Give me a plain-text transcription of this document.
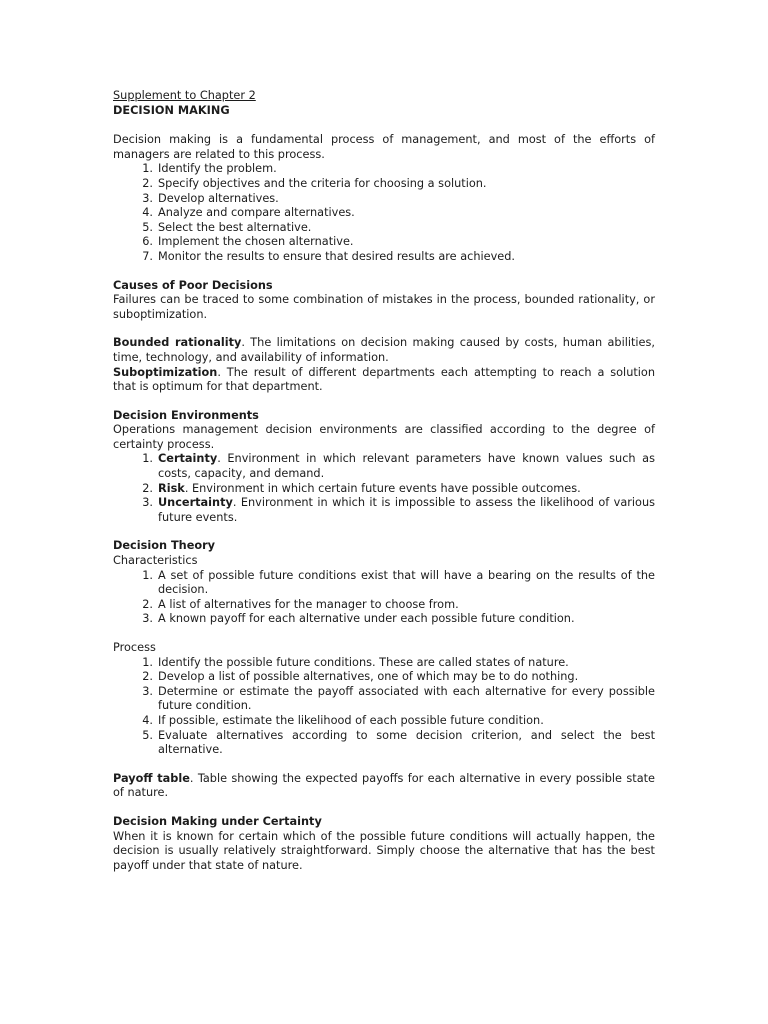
Supplement to Chapter 2
DECISION MAKING

Decision making is a fundamental process of management, and most of the efforts of managers are related to this process.

1. Identify the problem.
2. Specify objectives and the criteria for choosing a solution.
3. Develop alternatives.
4. Analyze and compare alternatives.
5. Select the best alternative.
6. Implement the chosen alternative.
7. Monitor the results to ensure that desired results are achieved.
Causes of Poor Decisions

Failures can be traced to some combination of mistakes in the process, bounded rationality, or suboptimization.

Bounded rationality. The limitations on decision making caused by costs, human abilities, time, technology, and availability of information.

Suboptimization. The result of different departments each attempting to reach a solution that is optimum for that department.

Decision Environments

Operations management decision environments are classified according to the degree of certainty process.

1. Certainty. Environment in which relevant parameters have known values such as costs, capacity, and demand.
2. Risk. Environment in which certain future events have possible outcomes.
3. Uncertainty. Environment in which it is impossible to assess the likelihood of various future events.
Decision Theory
Characteristics
1. A set of possible future conditions exist that will have a bearing on the results of the decision.
2. A list of alternatives for the manager to choose from.
3. A known payoff for each alternative under each possible future condition.
Process
1. Identify the possible future conditions. These are called states of nature.
2. Develop a list of possible alternatives, one of which may be to do nothing.
3. Determine or estimate the payoff associated with each alternative for every possible future condition.
4. If possible, estimate the likelihood of each possible future condition.
5. Evaluate alternatives according to some decision criterion, and select the best alternative.

Payoff table. Table showing the expected payoffs for each alternative in every possible state of nature.

Decision Making under Certainty

When it is known for certain which of the possible future conditions will actually happen, the decision is usually relatively straightforward. Simply choose the alternative that has the best payoff under that state of nature.
